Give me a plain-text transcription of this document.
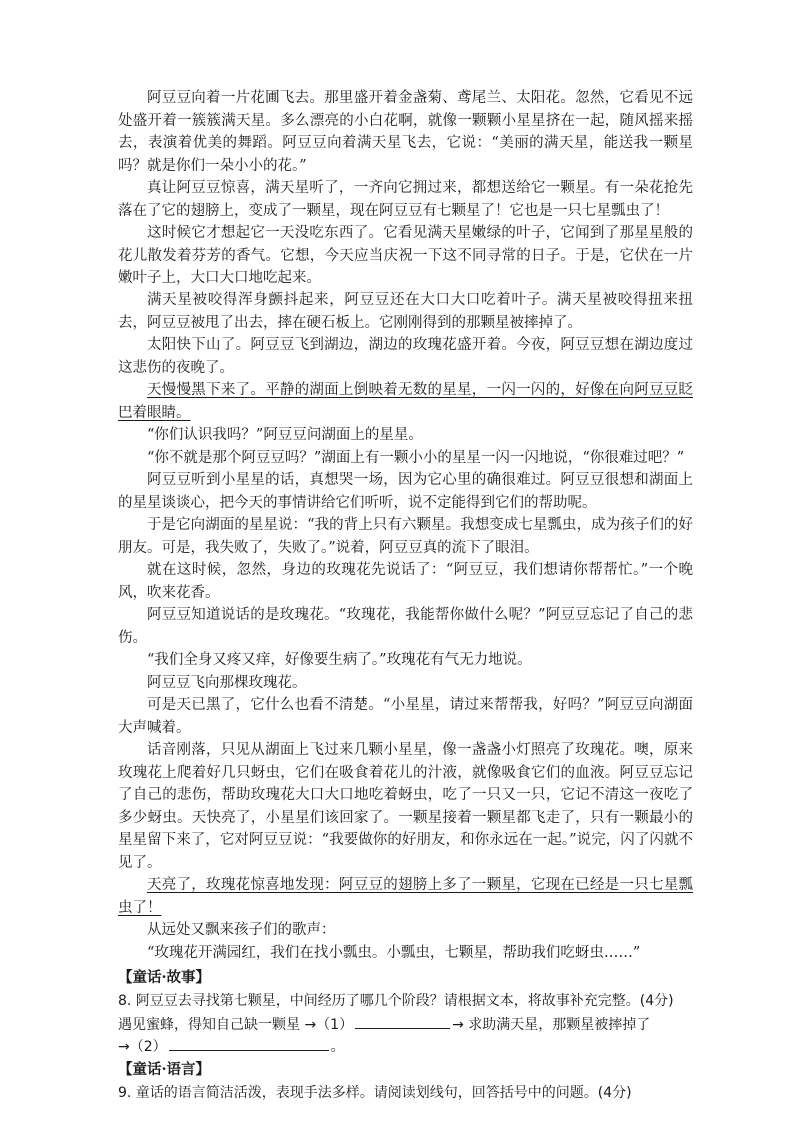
阿豆豆向着一片花圃飞去。那里盛开着金盏菊、鸢尾兰、太阳花。忽然，它看见不远处盛开着一簇簇满天星。多么漂亮的小白花啊，就像一颗颗小星星挤在一起，随风摇来摇去，表演着优美的舞蹈。阿豆豆向着满天星飞去，它说：“美丽的满天星，能送我一颗星吗？就是你们一朵小小的花。”

真让阿豆豆惊喜，满天星听了，一齐向它拥过来，都想送给它一颗星。有一朵花抢先落在了它的翅膀上，变成了一颗星，现在阿豆豆有七颗星了！它也是一只七星瓢虫了！

这时候它才想起它一天没吃东西了。它看见满天星嫩绿的叶子，它闻到了那星星般的花儿散发着芬芳的香气。它想，今天应当庆祝一下这不同寻常的日子。于是，它伏在一片嫩叶子上，大口大口地吃起来。

满天星被咬得浑身颤抖起来，阿豆豆还在大口大口吃着叶子。满天星被咬得扭来扭去，阿豆豆被甩了出去，摔在硬石板上。它刚刚得到的那颗星被摔掉了。

太阳快下山了。阿豆豆飞到湖边，湖边的玫瑰花盛开着。今夜，阿豆豆想在湖边度过这悲伤的夜晚了。

天慢慢黑下来了。平静的湖面上倒映着无数的星星，一闪一闪的，好像在向阿豆豆眨巴着眼睛。

“你们认识我吗？”阿豆豆问湖面上的星星。

“你不就是那个阿豆豆吗？”湖面上有一颗小小的星星一闪一闪地说，“你很难过吧？”

阿豆豆听到小星星的话，真想哭一场，因为它心里的确很难过。阿豆豆很想和湖面上的星星谈谈心，把今天的事情讲给它们听听，说不定能得到它们的帮助呢。

于是它向湖面的星星说：“我的背上只有六颗星。我想变成七星瓢虫，成为孩子们的好朋友。可是，我失败了，失败了。”说着，阿豆豆真的流下了眼泪。

就在这时候，忽然，身边的玫瑰花先说话了：“阿豆豆，我们想请你帮帮忙。”一个晚风，吹来花香。

阿豆豆知道说话的是玫瑰花。“玫瑰花，我能帮你做什么呢？”阿豆豆忘记了自己的悲伤。

“我们全身又疼又痒，好像要生病了。”玫瑰花有气无力地说。

阿豆豆飞向那棵玫瑰花。

可是天已黑了，它什么也看不清楚。“小星星，请过来帮帮我，好吗？”阿豆豆向湖面大声喊着。

话音刚落，只见从湖面上飞过来几颗小星星，像一盏盏小灯照亮了玫瑰花。噢，原来玫瑰花上爬着好几只蚜虫，它们在吸食着花儿的汁液，就像吸食它们的血液。阿豆豆忘记了自己的悲伤，帮助玫瑰花大口大口地吃着蚜虫，吃了一只又一只，它记不清这一夜吃了多少蚜虫。天快亮了，小星星们该回家了。一颗星接着一颗星都飞走了，只有一颗最小的星星留下来了，它对阿豆豆说：“我要做你的好朋友，和你永远在一起。”说完，闪了闪就不见了。

天亮了，玫瑰花惊喜地发现：阿豆豆的翅膀上多了一颗星，它现在已经是一只七星瓢虫了！

从远处又飘来孩子们的歌声：

“玫瑰花开满园红，我们在找小瓢虫。小瓢虫，七颗星，帮助我们吃蚜虫……”

【童话·故事】

8. 阿豆豆去寻找第七颗星，中间经历了哪几个阶段？请根据文本，将故事补充完整。(4分)

遇见蜜蜂，得知自己缺一颗星 →（1）	→ 求助满天星，那颗星被摔掉了

→（2）	。

【童话·语言】

9. 童话的语言简洁活泼，表现手法多样。请阅读划线句，回答括号中的问题。(4分)
